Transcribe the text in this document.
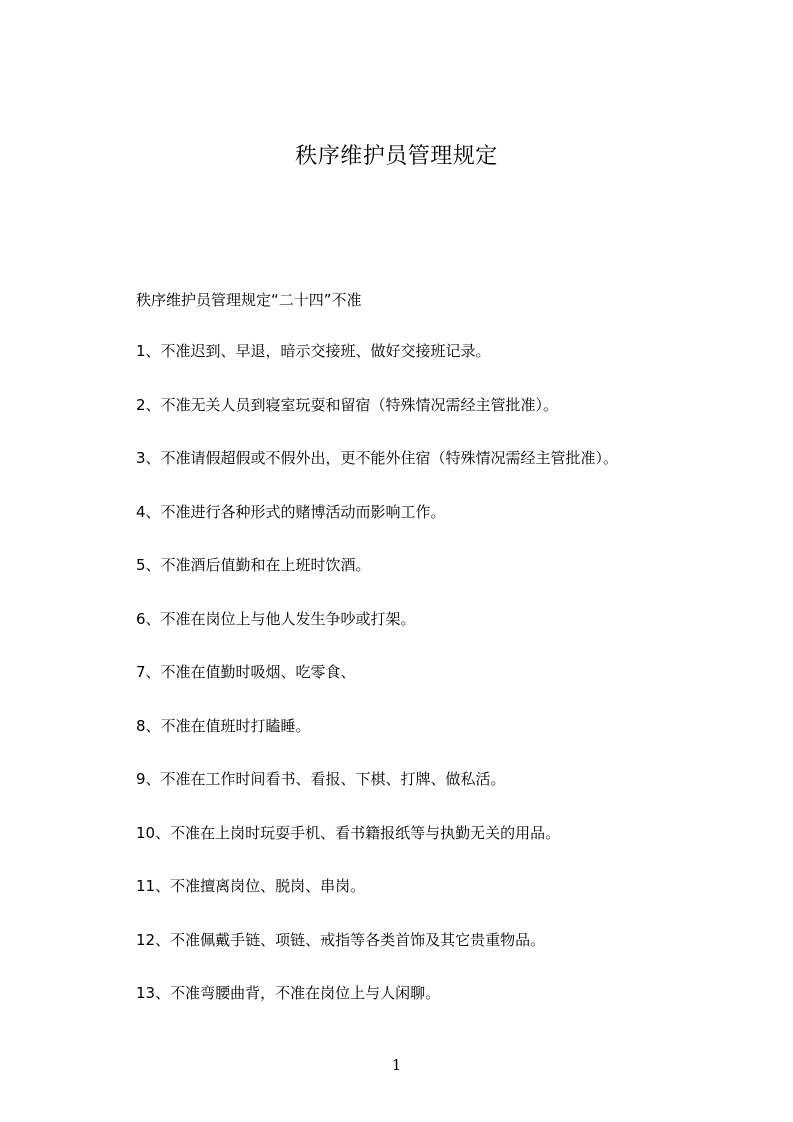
秩序维护员管理规定
秩序维护员管理规定“二十四”不准
1、不准迟到、早退，暗示交接班、做好交接班记录。
2、不准无关人员到寝室玩耍和留宿（特殊情况需经主管批准）。
3、不准请假超假或不假外出，更不能外住宿（特殊情况需经主管批准）。
4、不准进行各种形式的赌博活动而影响工作。
5、不准酒后值勤和在上班时饮酒。
6、不准在岗位上与他人发生争吵或打架。
7、不准在值勤时吸烟、吃零食、
8、不准在值班时打瞌睡。
9、不准在工作时间看书、看报、下棋、打牌、做私活。
10、不准在上岗时玩耍手机、看书籍报纸等与执勤无关的用品。
11、不准擅离岗位、脱岗、串岗。
12、不准佩戴手链、项链、戒指等各类首饰及其它贵重物品。
13、不准弯腰曲背，不准在岗位上与人闲聊。
1
